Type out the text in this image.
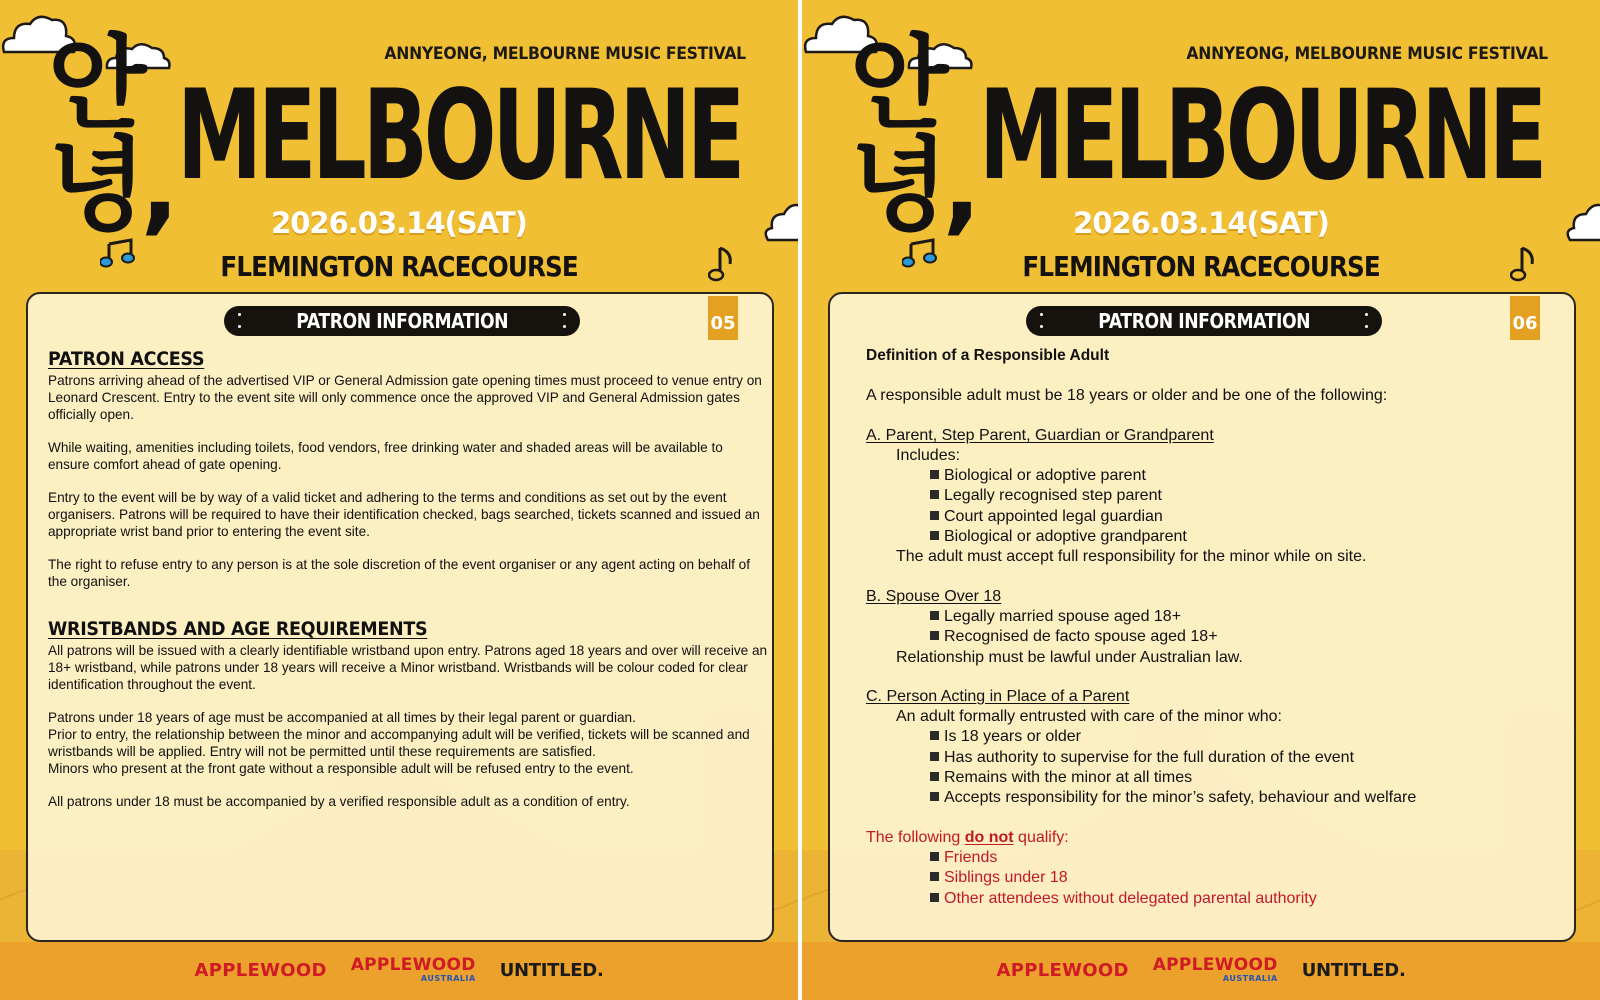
ANNYEONG, MELBOURNE MUSIC FESTIVAL
안녕, MELBOURNE
2026.03.14(SAT)
FLEMINGTON RACECOURSE
PATRON INFORMATION	05
PATRON ACCESS

Patrons arriving ahead of the advertised VIP or General Admission gate opening times must proceed to venue entry on Leonard Crescent. Entry to the event site will only commence once the approved VIP and General Admission gates officially open.

While waiting, amenities including toilets, food vendors, free drinking water and shaded areas will be available to ensure comfort ahead of gate opening.

Entry to the event will be by way of a valid ticket and adhering to the terms and conditions as set out by the event organisers. Patrons will be required to have their identification checked, bags searched, tickets scanned and issued an appropriate wrist band prior to entering the event site.

The right to refuse entry to any person is at the sole discretion of the event organiser or any agent acting on behalf of the organiser.

WRISTBANDS AND AGE REQUIREMENTS

All patrons will be issued with a clearly identifiable wristband upon entry. Patrons aged 18 years and over will receive an 18+ wristband, while patrons under 18 years will receive a Minor wristband. Wristbands will be colour coded for clear identification throughout the event.

Patrons under 18 years of age must be accompanied at all times by their legal parent or guardian.

Prior to entry, the relationship between the minor and accompanying adult will be verified, tickets will be scanned and wristbands will be applied. Entry will not be permitted until these requirements are satisfied.

Minors who present at the front gate without a responsible adult will be refused entry to the event.

All patrons under 18 must be accompanied by a verified responsible adult as a condition of entry.

APPLEWOOD APPLEWOOD
AUSTRALIA UNTITLED.
ANNYEONG, MELBOURNE MUSIC FESTIVAL
안녕, MELBOURNE
2026.03.14(SAT)
FLEMINGTON RACECOURSE
PATRON INFORMATION	06
Definition of a Responsible Adult
A responsible adult must be 18 years or older and be one of the following:
A. Parent, Step Parent, Guardian or Grandparent
Includes:
Biological or adoptive parent
Legally recognised step parent
Court appointed legal guardian
Biological or adoptive grandparent
The adult must accept full responsibility for the minor while on site.
B. Spouse Over 18
Legally married spouse aged 18+
Recognised de facto spouse aged 18+
Relationship must be lawful under Australian law.
C. Person Acting in Place of a Parent
An adult formally entrusted with care of the minor who:
Is 18 years or older
Has authority to supervise for the full duration of the event
Remains with the minor at all times
Accepts responsibility for the minor’s safety, behaviour and welfare
The following do not qualify:
Friends
Siblings under 18
Other attendees without delegated parental authority
APPLEWOOD APPLEWOOD
AUSTRALIA UNTITLED.
